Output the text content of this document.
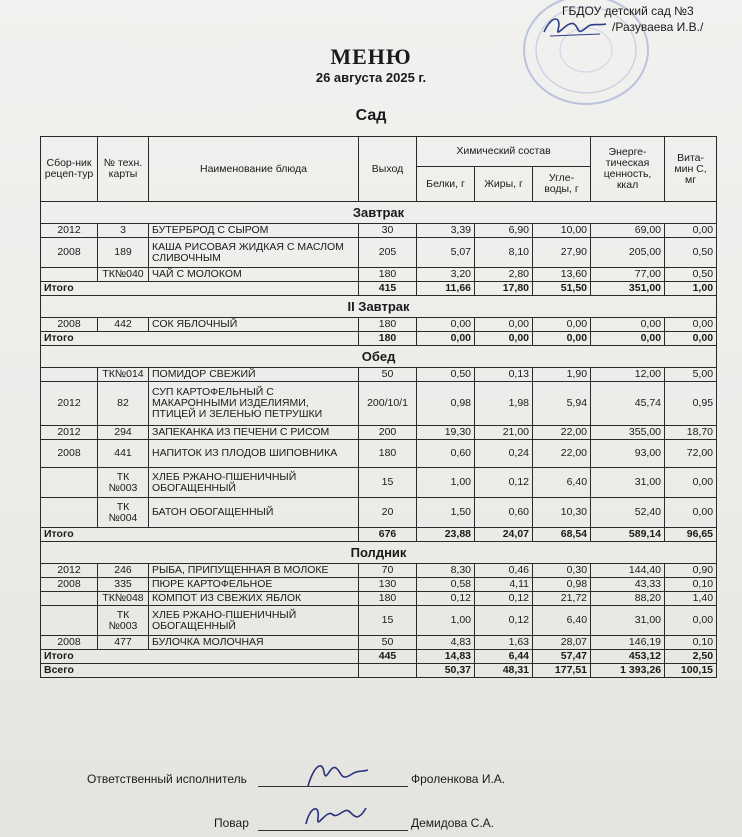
ГБДОУ детский сад №3
/Разуваева И.В./
МЕНЮ
26 августа 2025 г.
Сад
Сбор-ник рецеп-тур	№ техн. карты	Наименование блюда	Выход	Химический состав			Энерге-тическая ценность, ккал	Вита-мин С, мг
				Белки, г	Жиры, г	Угле-воды, г		
Завтрак								
2012	3	БУТЕРБРОД С СЫРОМ	30	3,39	6,90	10,00	69,00	0,00
2008	189	КАША РИСОВАЯ ЖИДКАЯ С МАСЛОМ СЛИВОЧНЫМ	205	5,07	8,10	27,90	205,00	0,50
	ТК№040	ЧАЙ С МОЛОКОМ	180	3,20	2,80	13,60	77,00	0,50
Итого			415	11,66	17,80	51,50	351,00	1,00
II Завтрак								
2008	442	СОК ЯБЛОЧНЫЙ	180	0,00	0,00	0,00	0,00	0,00
Итого			180	0,00	0,00	0,00	0,00	0,00
Обед								
	ТК№014	ПОМИДОР СВЕЖИЙ	50	0,50	0,13	1,90	12,00	5,00
2012	82	СУП КАРТОФЕЛЬНЫЙ С МАКАРОННЫМИ ИЗДЕЛИЯМИ, ПТИЦЕЙ И ЗЕЛЕНЬЮ ПЕТРУШКИ	200/10/1	0,98	1,98	5,94	45,74	0,95
2012	294	ЗАПЕКАНКА ИЗ ПЕЧЕНИ С РИСОМ	200	19,30	21,00	22,00	355,00	18,70
2008	441	НАПИТОК ИЗ ПЛОДОВ ШИПОВНИКА	180	0,60	0,24	22,00	93,00	72,00
	ТК №003	ХЛЕБ РЖАНО-ПШЕНИЧНЫЙ ОБОГАЩЕННЫЙ	15	1,00	0,12	6,40	31,00	0,00
	ТК №004	БАТОН ОБОГАЩЕННЫЙ	20	1,50	0,60	10,30	52,40	0,00
Итого			676	23,88	24,07	68,54	589,14	96,65
Полдник								
2012	246	РЫБА, ПРИПУЩЕННАЯ В МОЛОКЕ	70	8,30	0,46	0,30	144,40	0,90
2008	335	ПЮРЕ КАРТОФЕЛЬНОЕ	130	0,58	4,11	0,98	43,33	0,10
	ТК№048	КОМПОТ ИЗ СВЕЖИХ ЯБЛОК	180	0,12	0,12	21,72	88,20	1,40
	ТК №003	ХЛЕБ РЖАНО-ПШЕНИЧНЫЙ ОБОГАЩЕННЫЙ	15	1,00	0,12	6,40	31,00	0,00
2008	477	БУЛОЧКА МОЛОЧНАЯ	50	4,83	1,63	28,07	146,19	0,10
Итого			445	14,83	6,44	57,47	453,12	2,50
Всего				50,37	48,31	177,51	1 393,26	100,15
Ответственный исполнитель	Фроленкова И.А.
Повар	Демидова С.А.
